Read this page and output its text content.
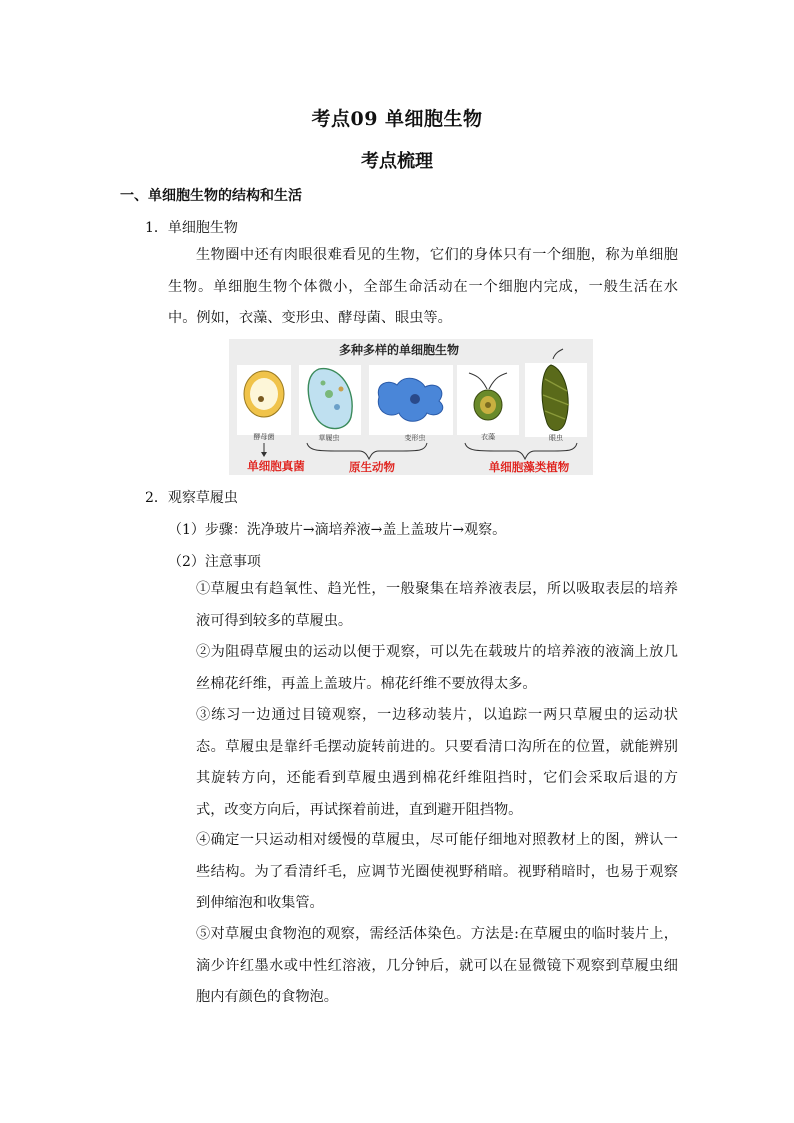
考点09 单细胞生物
考点梳理
一、单细胞生物的结构和生活
1．单细胞生物
生物圈中还有肉眼很难看见的生物，它们的身体只有一个细胞，称为单细胞生物。单细胞生物个体微小，全部生命活动在一个细胞内完成，一般生活在水中。例如，衣藻、变形虫、酵母菌、眼虫等。
多种多样的单细胞生物
酵母菌	草履虫	变形虫	衣藻	眼虫
单细胞真菌	原生动物	单细胞藻类植物
2．观察草履虫
（1）步骤：洗净玻片→滴培养液→盖上盖玻片→观察。
（2）注意事项
①草履虫有趋氧性、趋光性，一般聚集在培养液表层，所以吸取表层的培养液可得到较多的草履虫。
②为阻碍草履虫的运动以便于观察，可以先在载玻片的培养液的液滴上放几丝棉花纤维，再盖上盖玻片。棉花纤维不要放得太多。
③练习一边通过目镜观察，一边移动装片，以追踪一两只草履虫的运动状态。草履虫是靠纤毛摆动旋转前进的。只要看清口沟所在的位置，就能辨别其旋转方向，还能看到草履虫遇到棉花纤维阻挡时，它们会采取后退的方式，改变方向后，再试探着前进，直到避开阻挡物。
④确定一只运动相对缓慢的草履虫，尽可能仔细地对照教材上的图，辨认一些结构。为了看清纤毛，应调节光圈使视野稍暗。视野稍暗时，也易于观察到伸缩泡和收集管。
⑤对草履虫食物泡的观察，需经活体染色。方法是:在草履虫的临时装片上，滴少许红墨水或中性红溶液，几分钟后，就可以在显微镜下观察到草履虫细胞内有颜色的食物泡。
